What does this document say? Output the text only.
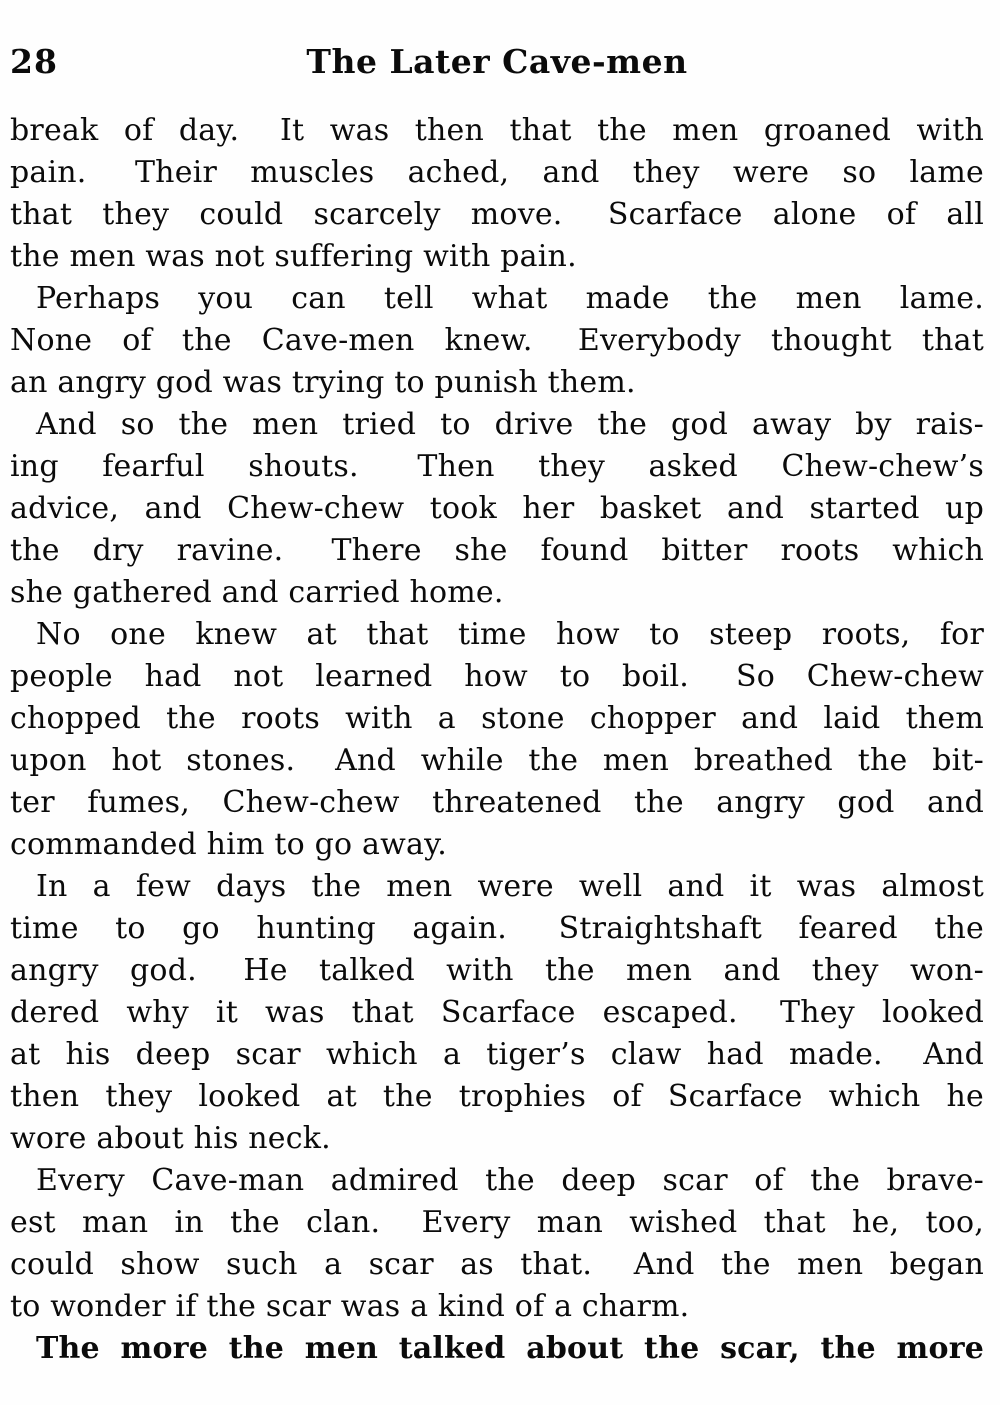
28	The Later Cave-men
break of day.  It was then that the men groaned with
pain.  Their muscles ached, and they were so lame
that they could scarcely move.  Scarface alone of all
the men was not suffering with pain.
Perhaps you can tell what made the men lame.
None of the Cave-men knew.  Everybody thought that
an angry god was trying to punish them.
And so the men tried to drive the god away by rais-
ing fearful shouts.  Then they asked Chew-chew’s
advice, and Chew-chew took her basket and started up
the dry ravine.  There she found bitter roots which
she gathered and carried home.
No one knew at that time how to steep roots, for
people had not learned how to boil.  So Chew-chew
chopped the roots with a stone chopper and laid them
upon hot stones.  And while the men breathed the bit-
ter fumes, Chew-chew threatened the angry god and
commanded him to go away.
In a few days the men were well and it was almost
time to go hunting again.  Straightshaft feared the
angry god.  He talked with the men and they won-
dered why it was that Scarface escaped.  They looked
at his deep scar which a tiger’s claw had made.  And
then they looked at the trophies of Scarface which he
wore about his neck.
Every Cave-man admired the deep scar of the brave-
est man in the clan.  Every man wished that he, too,
could show such a scar as that.  And the men began
to wonder if the scar was a kind of a charm.
The more the men talked about the scar, the more
